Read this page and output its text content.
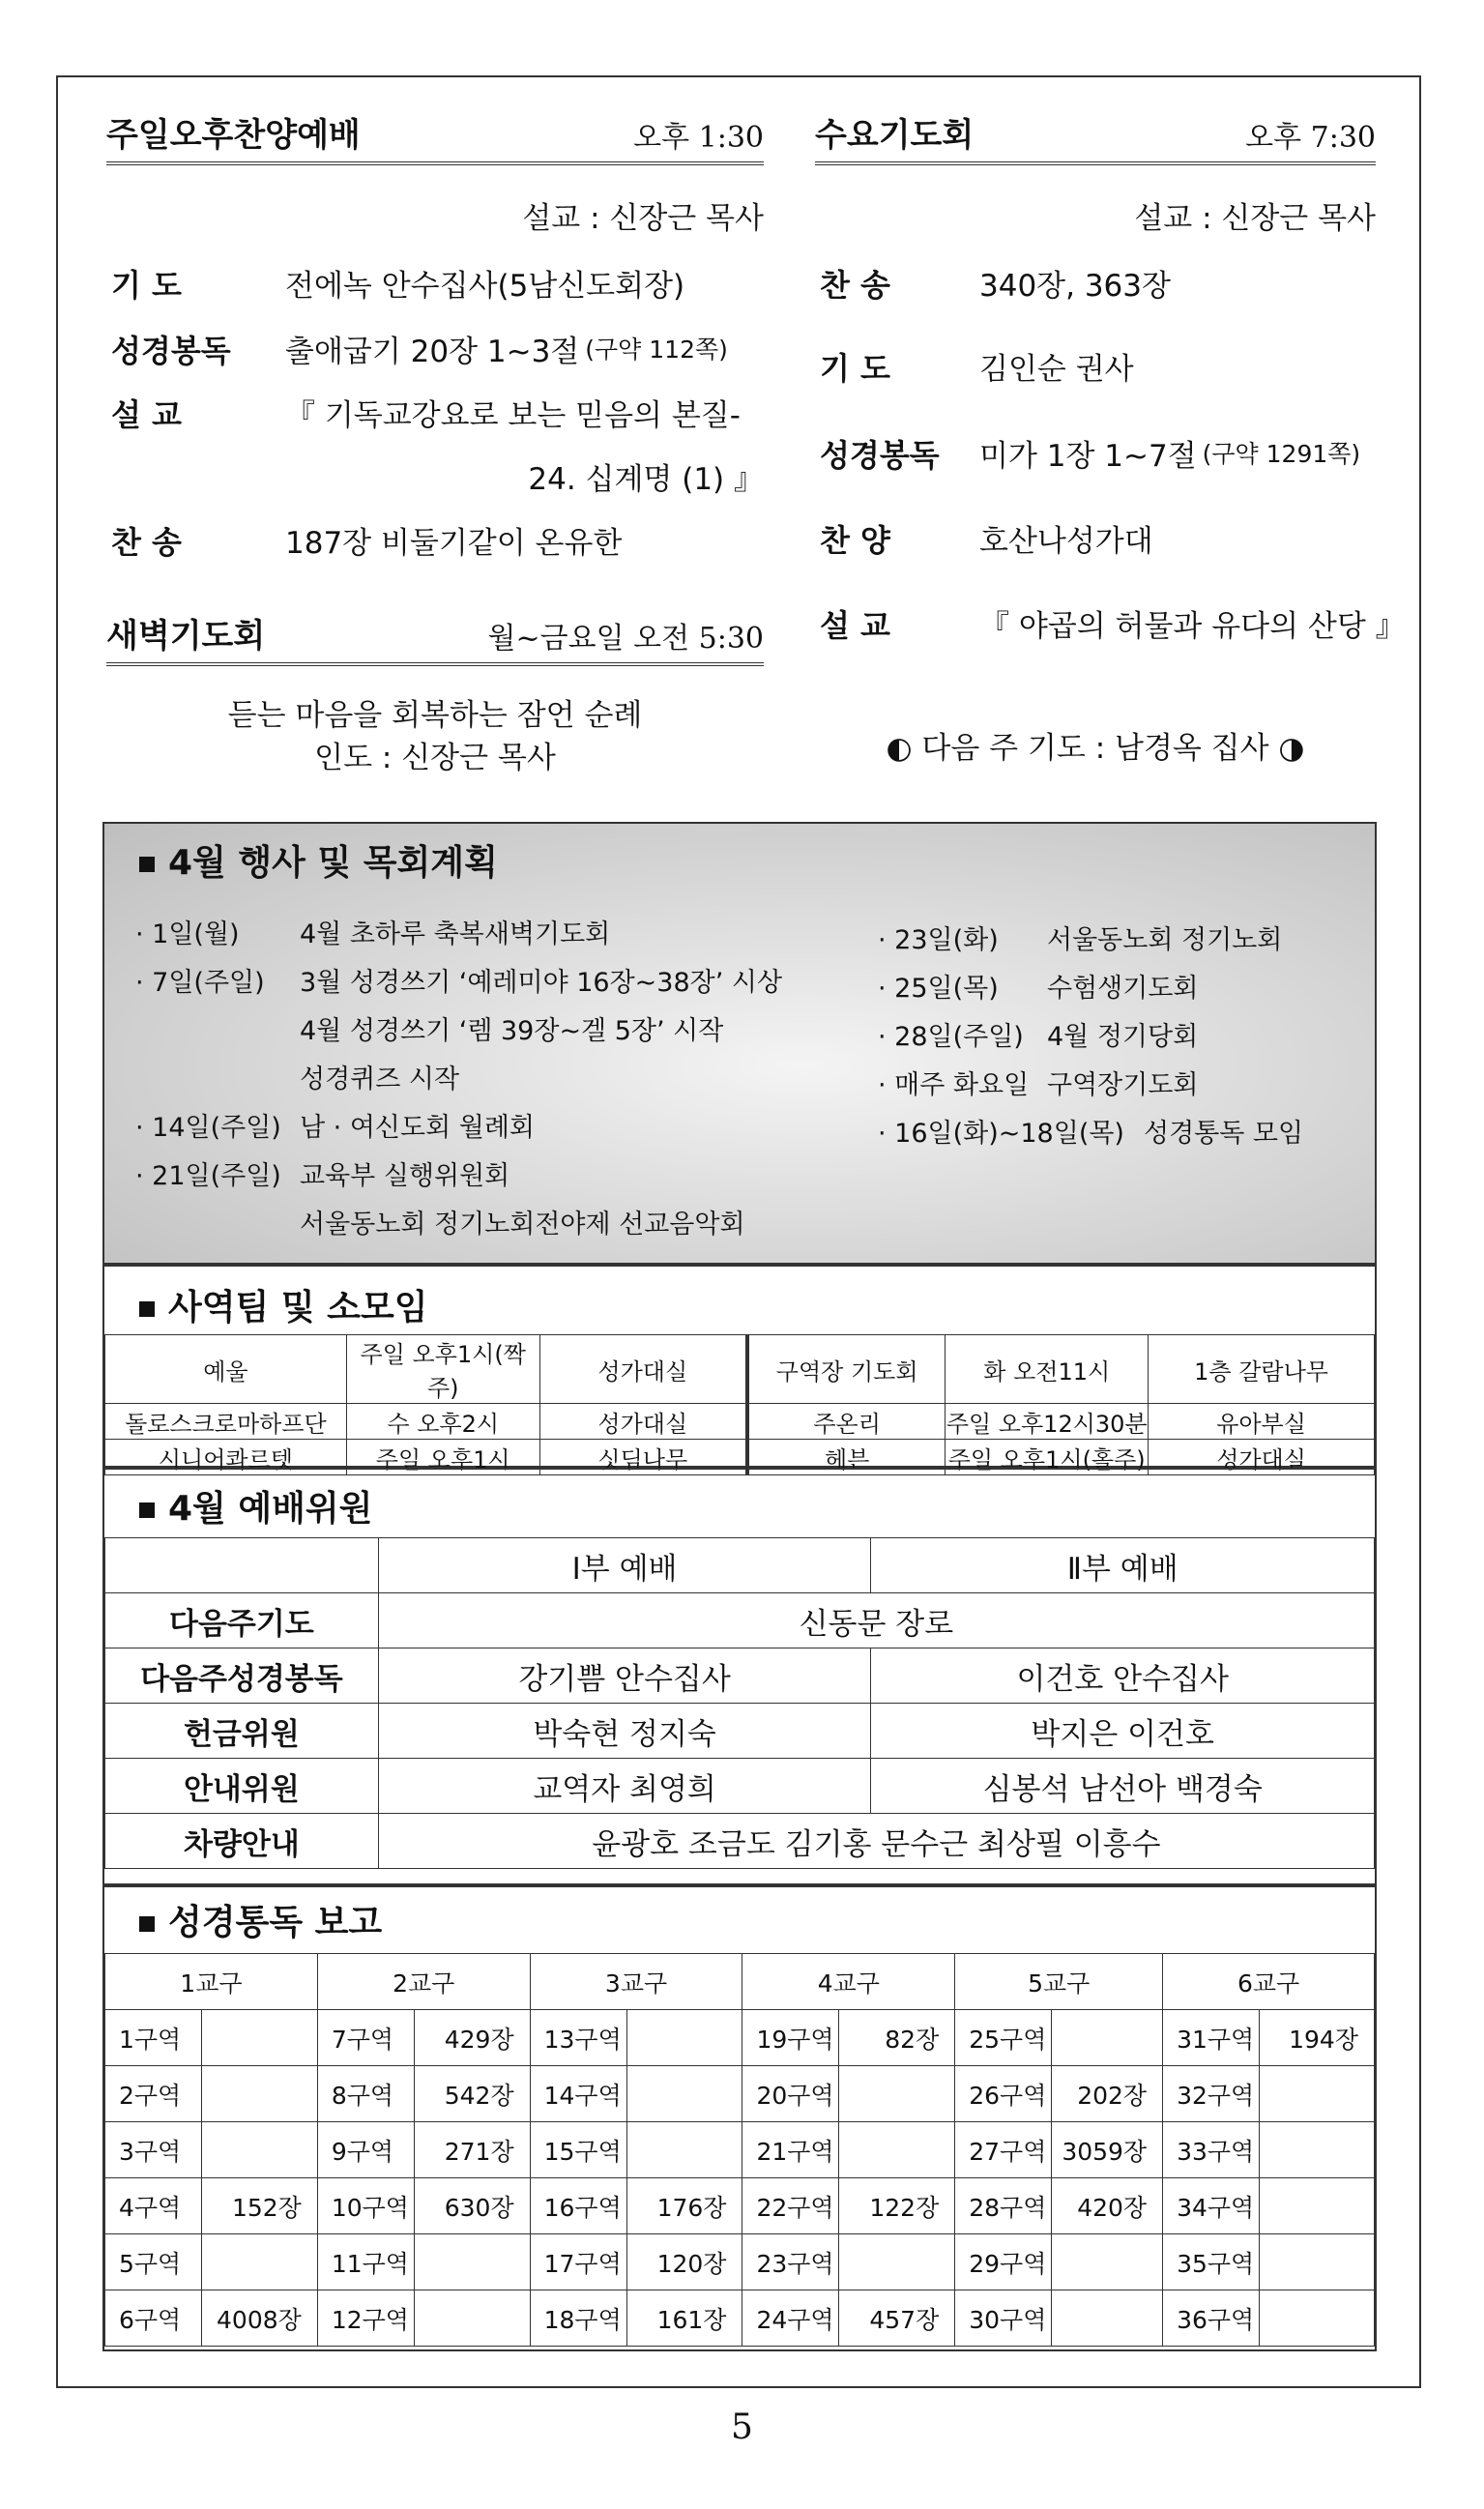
주일오후찬양예배	오후 1:30
설교 : 신장근 목사
기 도	전에녹 안수집사(5남신도회장)
성경봉독	출애굽기 20장 1~3절 (구약 112쪽)
설 교	『 기독교강요로 보는 믿음의 본질-
24. 십계명 (1) 』
찬 송	187장 비둘기같이 온유한
새벽기도회	월~금요일 오전 5:30
듣는 마음을 회복하는 잠언 순례
인도 : 신장근 목사
수요기도회	오후 7:30
설교 : 신장근 목사
찬 송	340장, 363장
기 도	김인순 권사
성경봉독	미가 1장 1~7절 (구약 1291쪽)
찬 양	호산나성가대
설 교	『 야곱의 허물과 유다의 산당 』
◐ 다음 주 기도 : 남경옥 집사 ◑
4월 행사 및 목회계획
· 1일(월)	4월 초하루 축복새벽기도회
· 7일(주일)	3월 성경쓰기 ‘예레미야 16장~38장’ 시상
4월 성경쓰기 ‘렘 39장~겔 5장’ 시작
성경퀴즈 시작
· 14일(주일) 남 · 여신도회 월례회
· 21일(주일) 교육부 실행위원회
서울동노회 정기노회전야제 선교음악회
· 23일(화)	서울동노회 정기노회
· 25일(목)	수험생기도회
· 28일(주일) 4월 정기당회
· 매주 화요일 구역장기도회
· 16일(화)~18일(목) 성경통독 모임
사역팀 및 소모임
예울	주일 오후1시(짝주)	성가대실	구역장 기도회	화 오전11시	1층 갈람나무
돌로스크로마하프단	수 오후2시	성가대실	주온리	주일 오후12시30분	유아부실
시니어콰르텟	주일 오후1시	싯딤나무	헤븐	주일 오후1시(홀주)	성가대실
4월 예배위원
	Ⅰ부 예배	Ⅱ부 예배
다음주기도	신동문 장로	
다음주성경봉독	강기쁨 안수집사	이건호 안수집사
헌금위원	박숙현 정지숙	박지은 이건호
안내위원	교역자 최영희	심봉석 남선아 백경숙
차량안내	윤광호 조금도 김기홍 문수근 최상필 이흥수	
성경통독 보고
1교구		2교구		3교구		4교구		5교구		6교구	
1구역		7구역	429장	13구역		19구역	82장	25구역		31구역	194장
2구역		8구역	542장	14구역		20구역		26구역	202장	32구역	
3구역		9구역	271장	15구역		21구역		27구역	3059장	33구역	
4구역	152장	10구역	630장	16구역	176장	22구역	122장	28구역	420장	34구역	
5구역		11구역		17구역	120장	23구역		29구역		35구역	
6구역	4008장	12구역		18구역	161장	24구역	457장	30구역		36구역	
5
